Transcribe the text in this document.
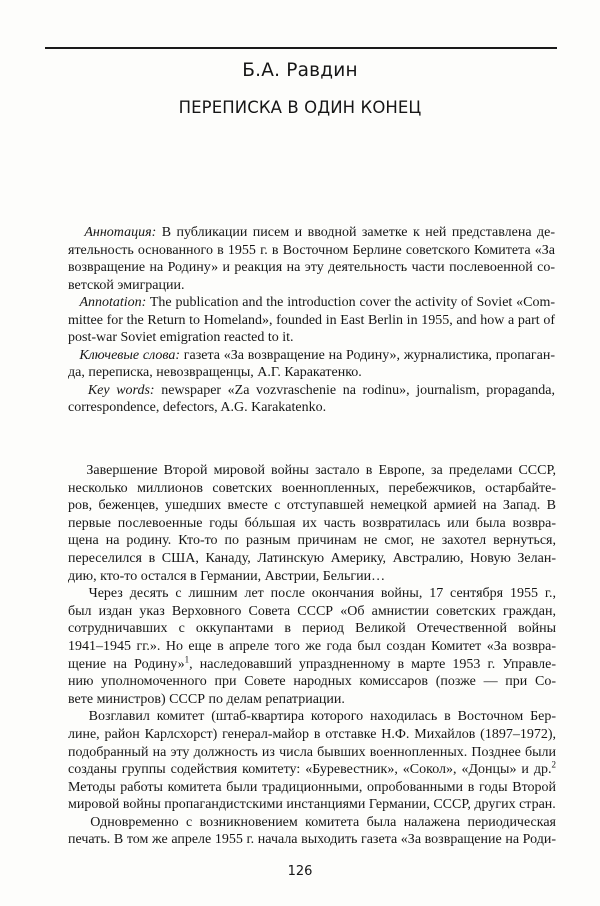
Б.А. Равдин
ПЕРЕПИСКА В ОДИН КОНЕЦ

Аннотация: В публикации писем и вводной заметке к ней представлена де-
ятельность основанного в 1955 г. в Восточном Берлине советского Комитета «За
возвращение на Родину» и реакция на эту деятельность части послевоенной со-
ветской эмиграции.

Annotation: The publication and the introduction cover the activity of Soviet «Com-
mittee for the Return to Homeland», founded in East Berlin in 1955, and how a part of
post-war Soviet emigration reacted to it.

Ключевые слова: газета «За возвращение на Родину», журналистика, пропаган-
да, переписка, невозвращенцы, А.Г. Каракатенко.

Key words: newspaper «Za vozvraschenie na rodinu», journalism, propaganda,
correspondence, defectors, A.G. Karakatenko.

Завершение Второй мировой войны застало в Европе, за пределами СССР,
несколько миллионов советских военнопленных, перебежчиков, остарбайте-
ров, беженцев, ушедших вместе с отступавшей немецкой армией на Запад. В
первые послевоенные годы бóльшая их часть возвратилась или была возвра-
щена на родину. Кто-то по разным причинам не смог, не захотел вернуться,
переселился в США, Канаду, Латинскую Америку, Австралию, Новую Зелан-
дию, кто-то остался в Германии, Австрии, Бельгии…

Через десять с лишним лет после окончания войны, 17 сентября 1955 г.,
был издан указ Верховного Совета СССР «Об амнистии советских граждан,
сотрудничавших с оккупантами в период Великой Отечественной войны
1941–1945 гг.». Но еще в апреле того же года был создан Комитет «За возвра-
щение на Родину»$^1$, наследовавший упраздненному в марте 1953 г. Управле-
нию уполномоченного при Совете народных комиссаров (позже — при Со-
вете министров) СССР по делам репатриации.

Возглавил комитет (штаб-квартира которого находилась в Восточном Бер-
лине, район Карлсхорст) генерал-майор в отставке Н.Ф. Михайлов (1897–1972),
подобранный на эту должность из числа бывших военнопленных. Позднее были
созданы группы содействия комитету: «Буревестник», «Сокол», «Донцы» и др.$^2$
Методы работы комитета были традиционными, опробованными в годы Второй
мировой войны пропагандистскими инстанциями Германии, СССР, других стран.

Одновременно с возникновением комитета была налажена периодическая
печать. В том же апреле 1955 г. начала выходить газета «За возвращение на Роди-

126
